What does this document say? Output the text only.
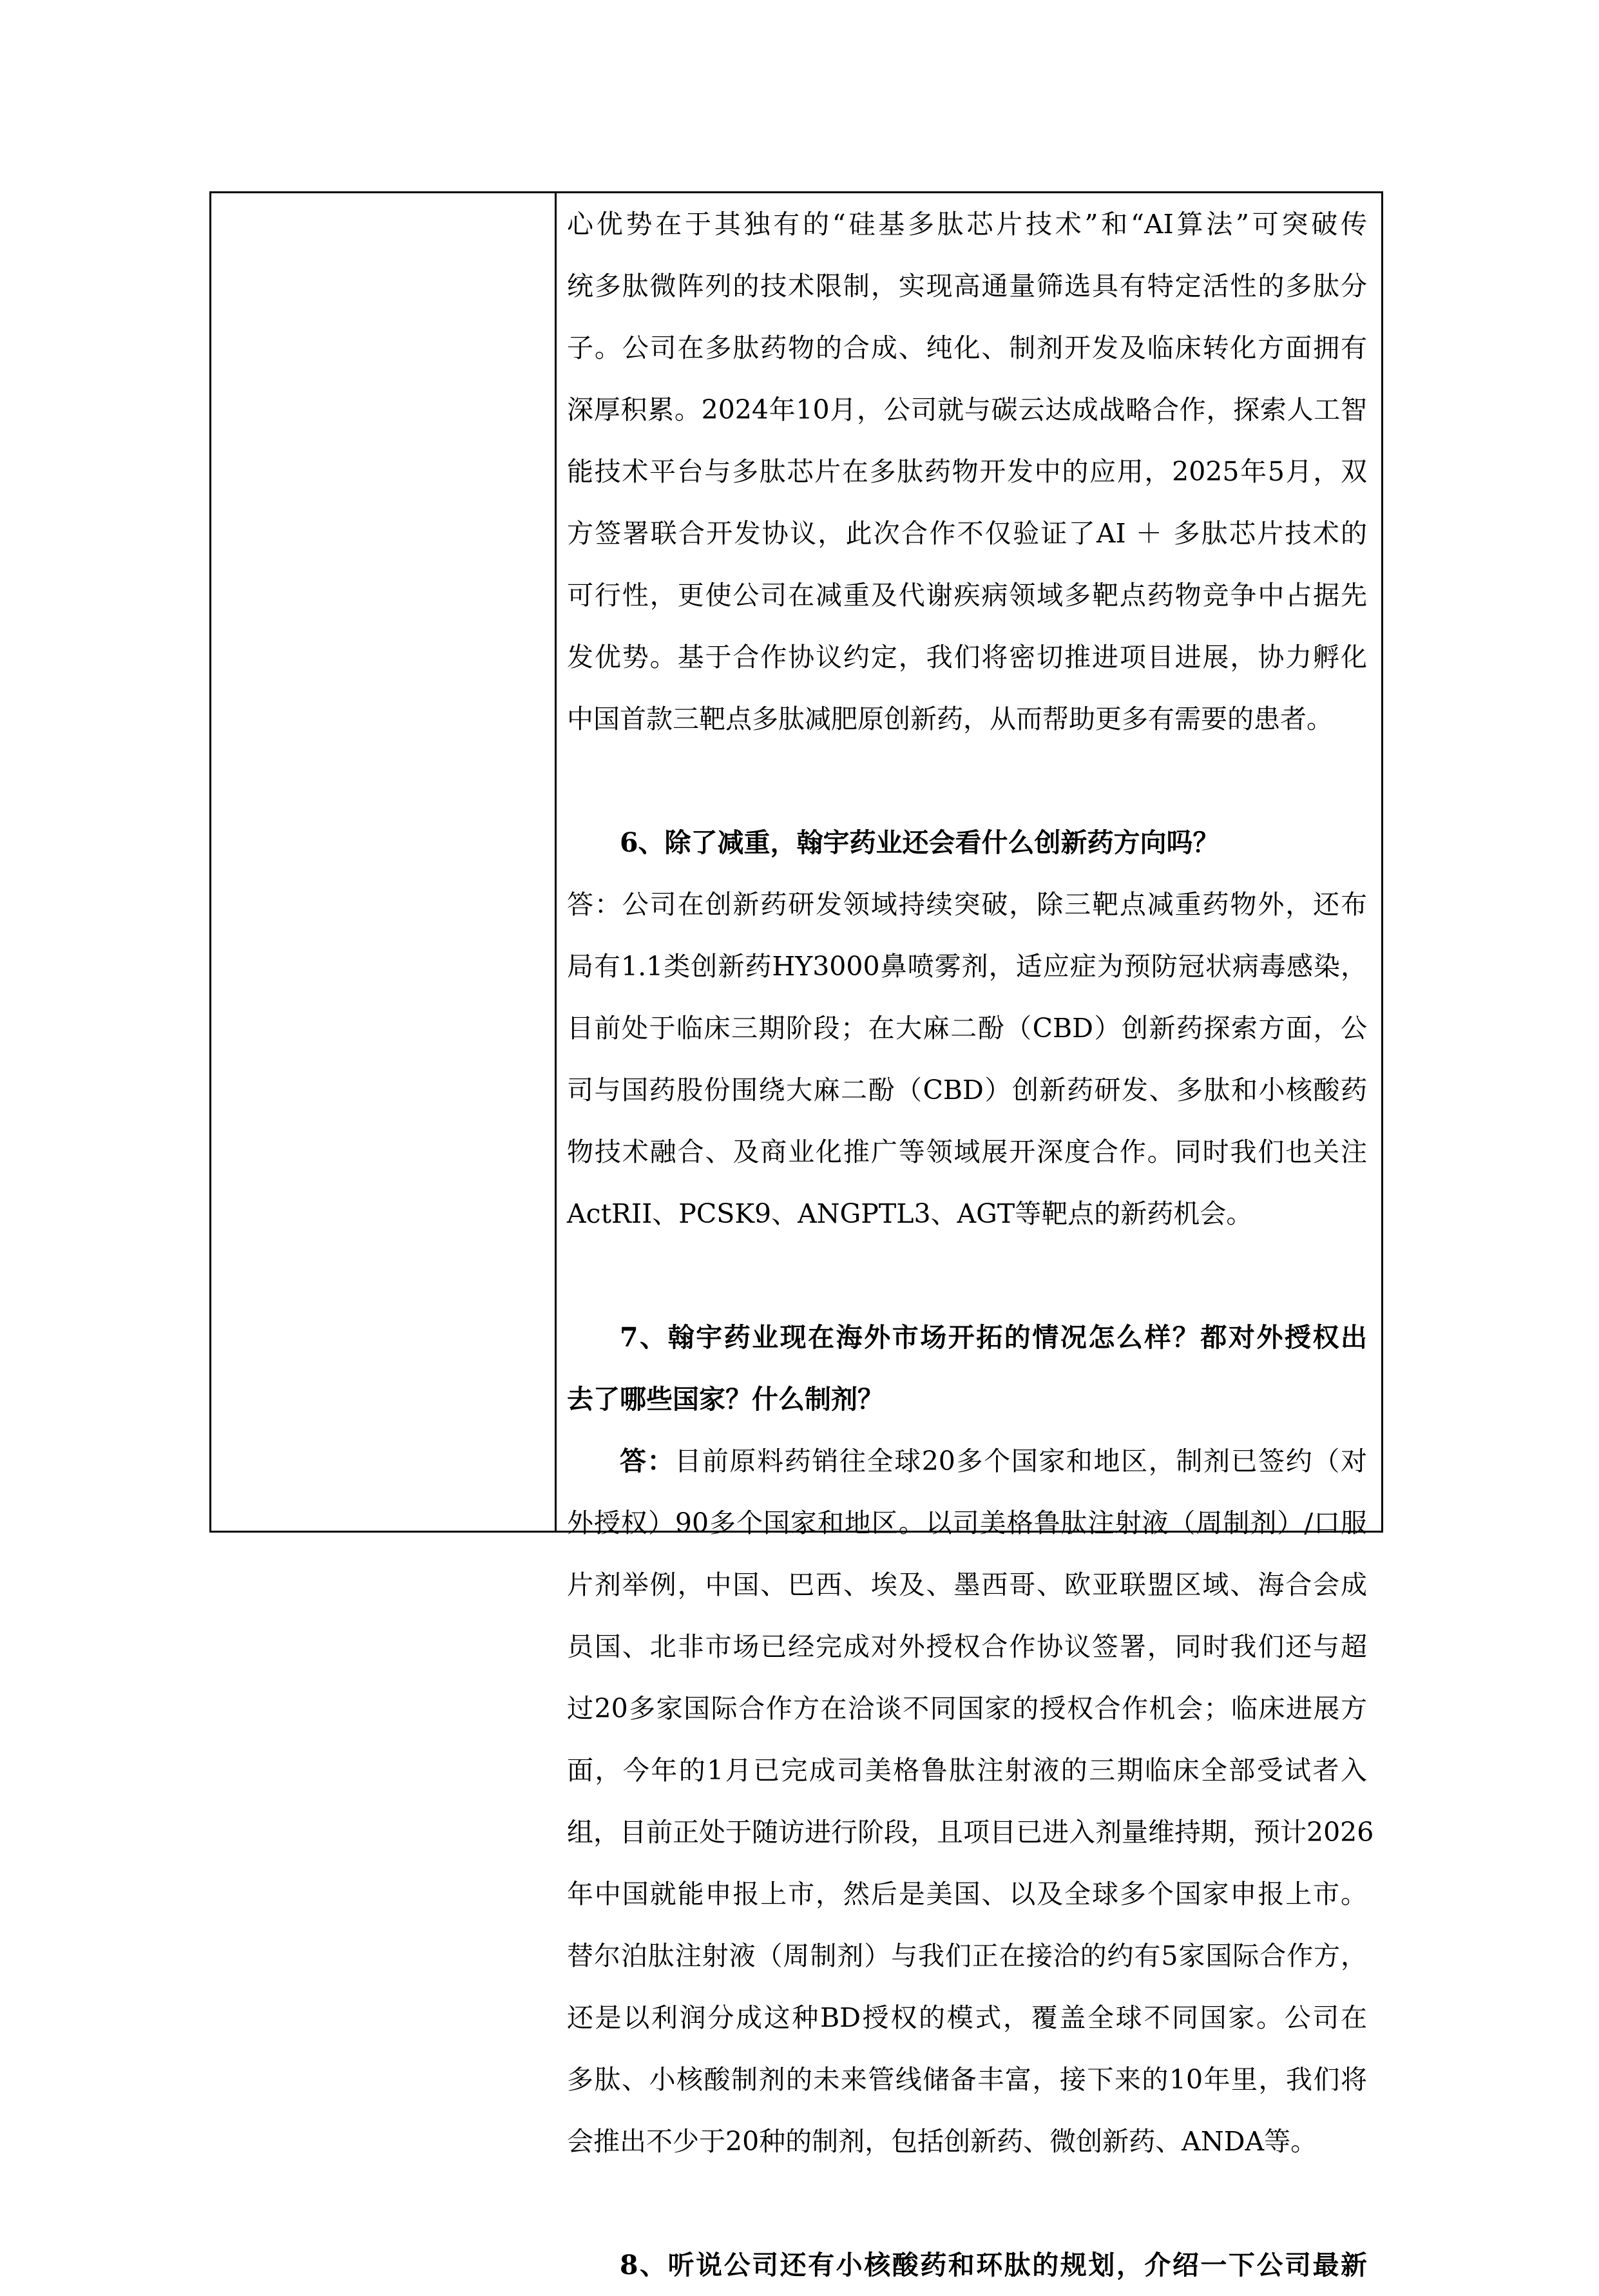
心优势在于其独有的“硅基多肽芯片技术”和“AI算法”可突破传
统多肽微阵列的技术限制，实现高通量筛选具有特定活性的多肽分
子。公司在多肽药物的合成、纯化、制剂开发及临床转化方面拥有
深厚积累。2024年10月，公司就与碳云达成战略合作，探索人工智
能技术平台与多肽芯片在多肽药物开发中的应用，2025年5月，双
方签署联合开发协议，此次合作不仅验证了AI ＋ 多肽芯片技术的
可行性，更使公司在减重及代谢疾病领域多靶点药物竞争中占据先
发优势。基于合作协议约定，我们将密切推进项目进展，协力孵化
中国首款三靶点多肽减肥原创新药，从而帮助更多有需要的患者。
6、除了减重，翰宇药业还会看什么创新药方向吗？
答：公司在创新药研发领域持续突破，除三靶点减重药物外，还布
局有1.1类创新药HY3000鼻喷雾剂，适应症为预防冠状病毒感染，
目前处于临床三期阶段；在大麻二酚（CBD）创新药探索方面，公
司与国药股份围绕大麻二酚（CBD）创新药研发、多肽和小核酸药
物技术融合、及商业化推广等领域展开深度合作。同时我们也关注
ActRII、PCSK9、ANGPTL3、AGT等靶点的新药机会。
7、翰宇药业现在海外市场开拓的情况怎么样？都对外授权出
去了哪些国家？什么制剂？
答：目前原料药销往全球20多个国家和地区，制剂已签约（对
外授权）90多个国家和地区。以司美格鲁肽注射液（周制剂）/口服
片剂举例，中国、巴西、埃及、墨西哥、欧亚联盟区域、海合会成
员国、北非市场已经完成对外授权合作协议签署，同时我们还与超
过20多家国际合作方在洽谈不同国家的授权合作机会；临床进展方
面，今年的1月已完成司美格鲁肽注射液的三期临床全部受试者入
组，目前正处于随访进行阶段，且项目已进入剂量维持期，预计2026
年中国就能申报上市，然后是美国、以及全球多个国家申报上市。
替尔泊肽注射液（周制剂）与我们正在接洽的约有5家国际合作方，
还是以利润分成这种BD授权的模式，覆盖全球不同国家。公司在
多肽、小核酸制剂的未来管线储备丰富，接下来的10年里，我们将
会推出不少于20种的制剂，包括创新药、微创新药、ANDA等。
8、听说公司还有小核酸药和环肽的规划，介绍一下公司最新
